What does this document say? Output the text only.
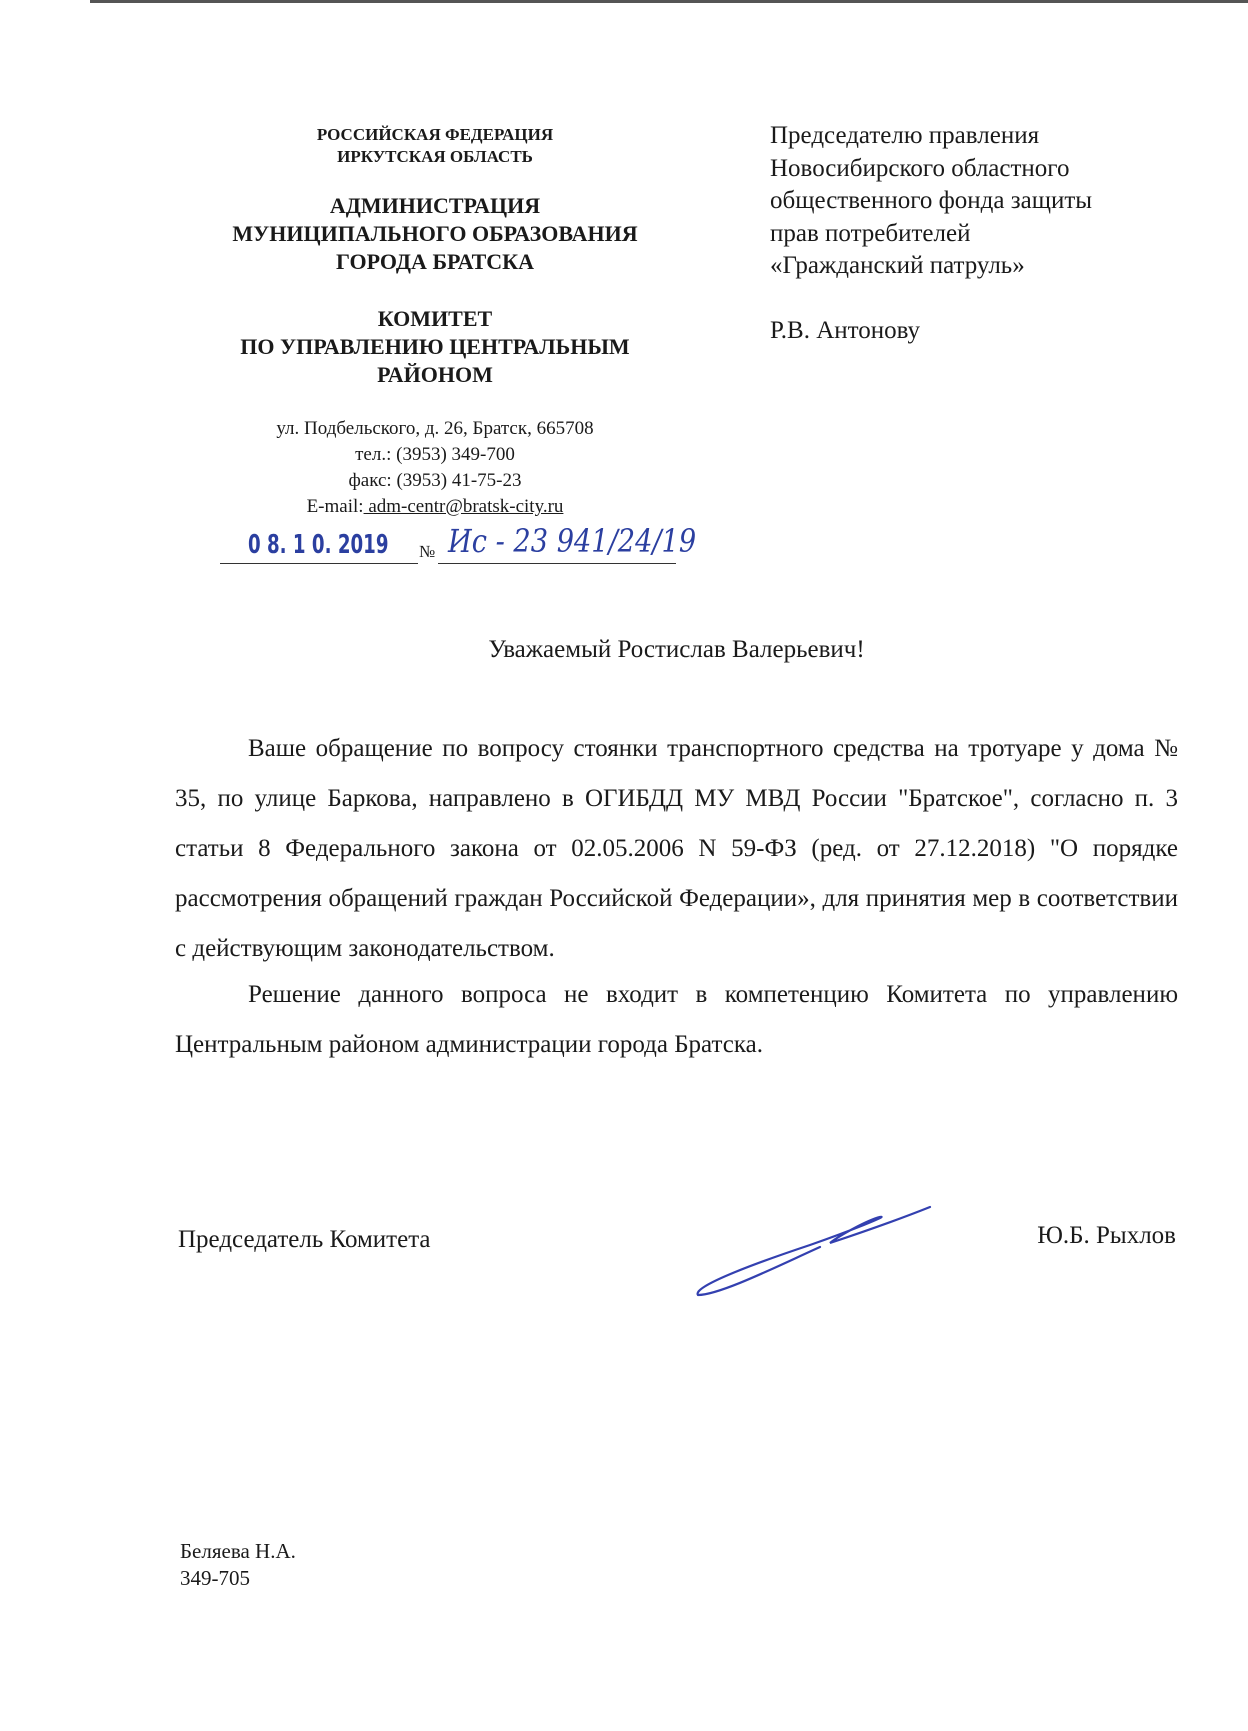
РОССИЙСКАЯ ФЕДЕРАЦИЯ
ИРКУТСКАЯ ОБЛАСТЬ
АДМИНИСТРАЦИЯ
МУНИЦИПАЛЬНОГО ОБРАЗОВАНИЯ
ГОРОДА БРАТСКА
КОМИТЕТ
ПО УПРАВЛЕНИЮ ЦЕНТРАЛЬНЫМ
РАЙОНОМ
ул. Подбельского, д. 26, Братск, 665708
тел.: (3953) 349-700
факс: (3953) 41-75-23
E-mail: adm-centr@bratsk-city.ru
0 8. 1 0. 2019 № Ис - 23 941/24/19
Председателю правления
Новосибирского областного
общественного фонда защиты
прав потребителей
«Гражданский патруль»
Р.В. Антонову
Уважаемый Ростислав Валерьевич!

Ваше обращение по вопросу стоянки транспортного средства на тротуаре у дома № 35, по улице Баркова, направлено в ОГИБДД МУ МВД России "Братское", согласно п. 3 статьи 8 Федерального закона от 02.05.2006 N 59-ФЗ (ред. от 27.12.2018) "О порядке рассмотрения обращений граждан Российской Федерации», для принятия мер в соответствии с действующим законодательством.

Решение данного вопроса не входит в компетенцию Комитета по управлению Центральным районом администрации города Братска.

Председатель Комитета	Ю.Б. Рыхлов
Беляева Н.А.
349-705
